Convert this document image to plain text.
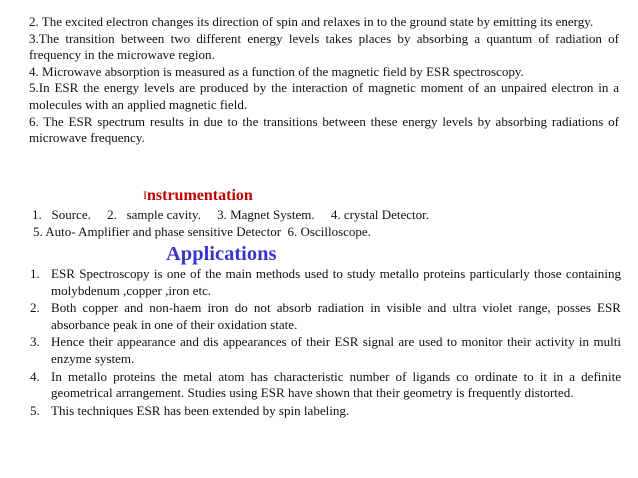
2. The excited electron changes its direction of spin and relaxes in to the ground state by emitting its energy.

3.The transition between two different energy levels takes places by absorbing a quantum of radiation of frequency in the microwave region.

4. Microwave absorption is measured as a function of the magnetic field by ESR spectroscopy.

5.In ESR the energy levels are produced by the interaction of magnetic moment of an unpaired electron in a molecules with an applied magnetic field.

6. The ESR spectrum results in due to the transitions between these energy levels by absorbing radiations of microwave frequency.

Instrumentation
1.   Source.     2.   sample cavity.     3. Magnet System.     4. crystal Detector.
5. Auto- Amplifier and phase sensitive Detector  6. Oscilloscope.
Applications
1. ESR Spectroscopy is one of the main methods used to study metallo proteins particularly those containing molybdenum ,copper ,iron etc.
2. Both copper and non-haem iron do not absorb radiation in visible and ultra violet range, posses ESR absorbance peak in one of their oxidation state.
3. Hence their appearance and dis appearances of their ESR signal are used to monitor their activity in multi enzyme system.
4. In metallo proteins the metal atom has characteristic number of ligands co ordinate to it in a definite geometrical arrangement. Studies using ESR have shown that their geometry is frequently distorted.
5. This techniques ESR has been extended by spin labeling.
